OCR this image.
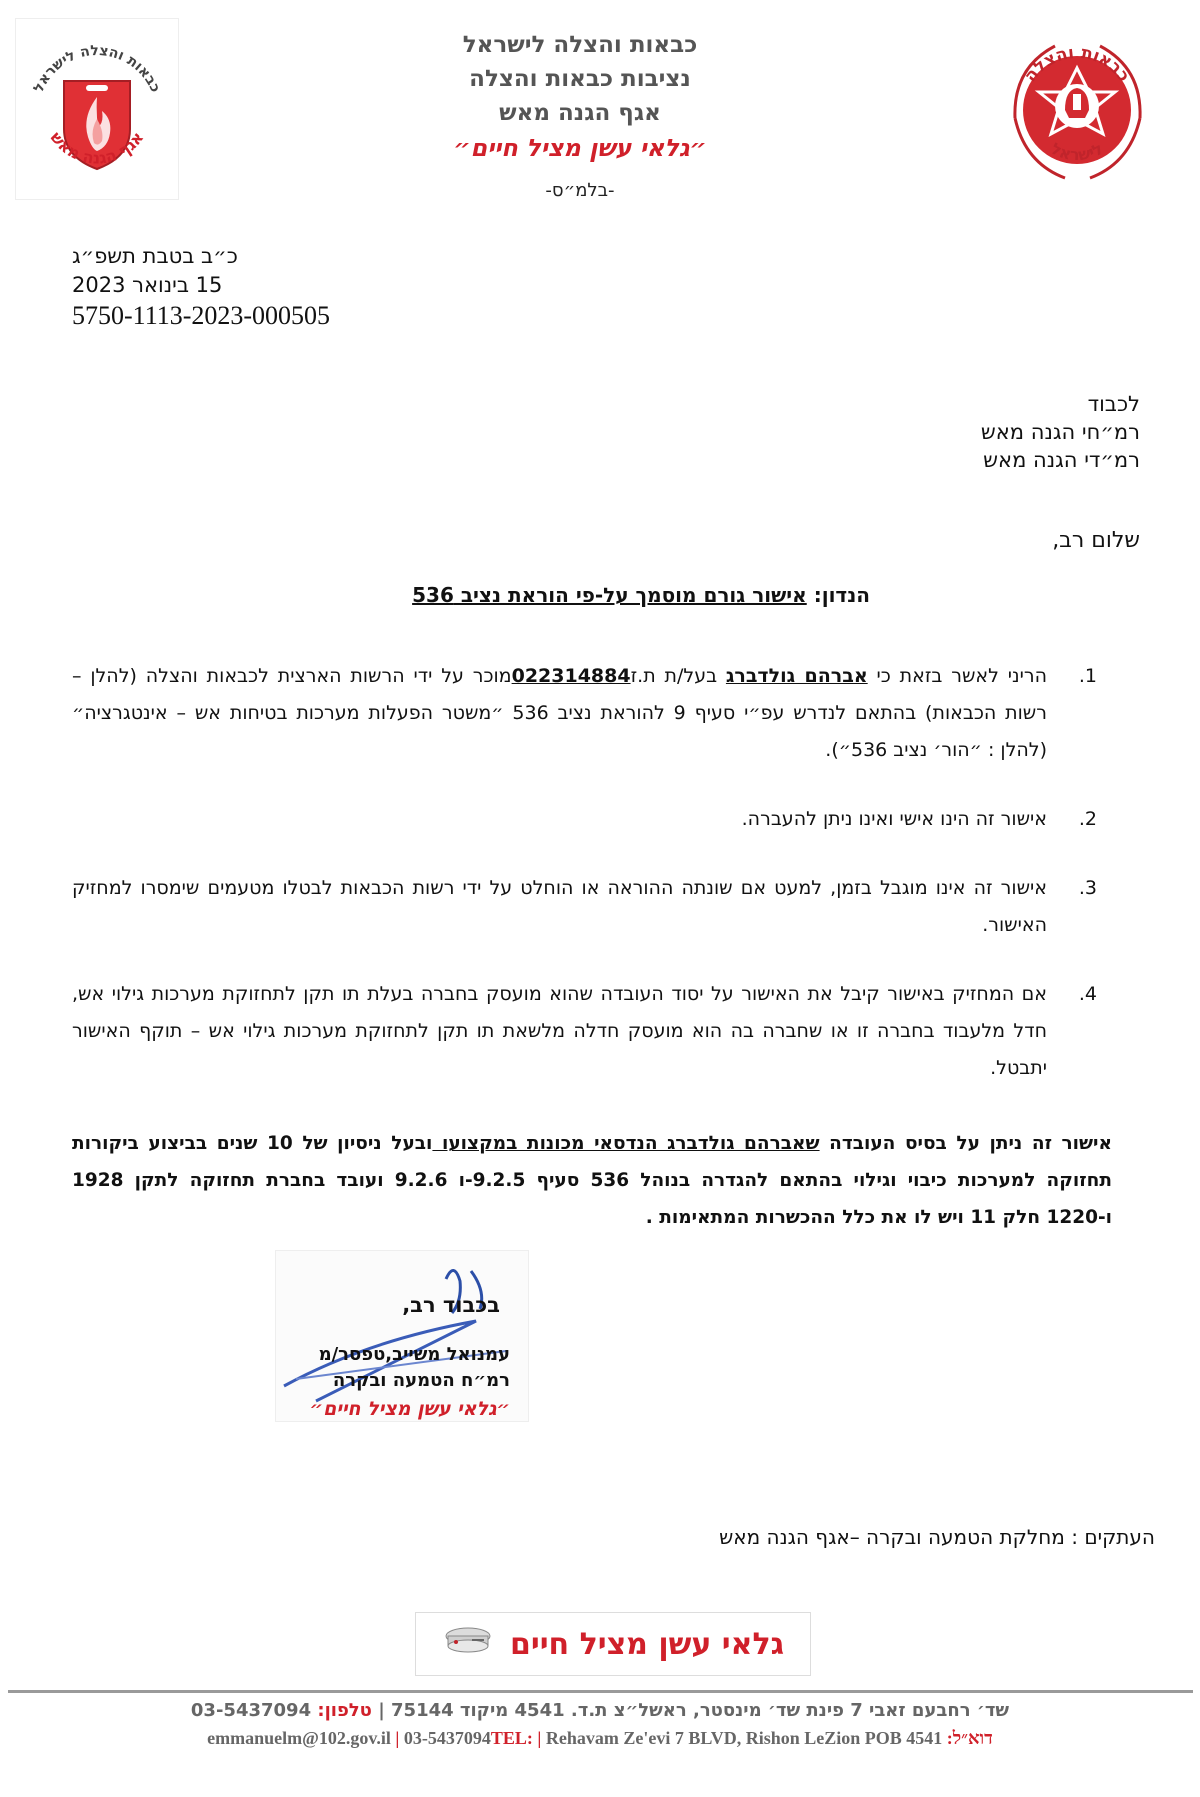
כבאות והצלה לישראל
נציבות כבאות והצלה
אגף הגנה מאש
״גלאי עשן מציל חיים״
-בלמ״ס-
כבאות והצלה לישראל
אגף הגנה מאש
כבאות והצלה
לישראל
כ״ב בטבת תשפ״ג
15 בינואר 2023
5750-1113-2023-000505
לכבוד
רמ״חי הגנה מאש
רמ״די הגנה מאש
שלום רב,
הנדון: אישור גורם מוסמך על-פי הוראת נציב 536
1.
הריני לאשר בזאת כי אברהם גולדברג בעל/ת ת.ז022314884מוכר על ידי הרשות הארצית לכבאות והצלה (להלן – רשות הכבאות) בהתאם לנדרש עפ״י סעיף 9 להוראת נציב 536 ״משטר הפעלות מערכות בטיחות אש – אינטגרציה״ (להלן : ״הור׳ נציב 536״).
2.
אישור זה הינו אישי ואינו ניתן להעברה.
3.
אישור זה אינו מוגבל בזמן, למעט אם שונתה ההוראה או הוחלט על ידי רשות הכבאות לבטלו מטעמים שימסרו למחזיק האישור.
4.
אם המחזיק באישור קיבל את האישור על יסוד העובדה שהוא מועסק בחברה בעלת תו תקן לתחזוקת מערכות גילוי אש, חדל מלעבוד בחברה זו או שחברה בה הוא מועסק חדלה מלשאת תו תקן לתחזוקת מערכות גילוי אש – תוקף האישור יתבטל.
אישור זה ניתן על בסיס העובדה שאברהם גולדברג הנדסאי מכונות במקצועו ובעל ניסיון של 10 שנים בביצוע ביקורות תחזוקה למערכות כיבוי וגילוי בהתאם להגדרה בנוהל 536 סעיף 9.2.5-ו 9.2.6 ועובד בחברת תחזוקה לתקן 1928 ו-1220 חלק 11 ויש לו את כלל ההכשרות המתאימות .
בכבוד רב,
עמנואל משייב,טפסר/מ
רמ״ח הטמעה ובקרה
״גלאי עשן מציל חיים״
העתקים : מחלקת הטמעה ובקרה –אגף הגנה מאש
גלאי עשן מציל חיים
שד׳ רחבעם זאבי 7 פינת שד׳ מינסטר, ראשל״צ ת.ד. 4541 מיקוד 75144 | טלפון: 03-5437094
דוא״ל: emmanuelm@102.gov.il | 03-5437094TEL: | Rehavam Ze'evi 7 BLVD, Rishon LeZion POB 4541
